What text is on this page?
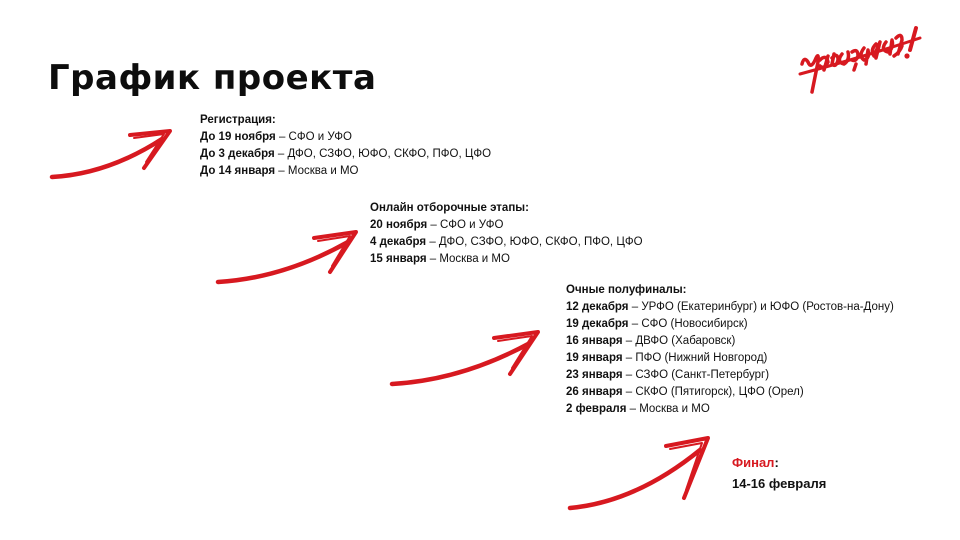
График проекта
управляй!
Регистрация:
До 19 ноября – СФО и УФО
До 3 декабря – ДФО, СЗФО, ЮФО, СКФО, ПФО, ЦФО
До 14 января – Москва и МО
Онлайн отборочные этапы:
20 ноября – СФО и УФО
4 декабря – ДФО, СЗФО, ЮФО, СКФО, ПФО, ЦФО
15 января – Москва и МО
Очные полуфиналы:
12 декабря – УРФО (Екатеринбург) и ЮФО (Ростов-на-Дону)
19 декабря – СФО (Новосибирск)
16 января – ДВФО (Хабаровск)
19 января – ПФО (Нижний Новгород)
23 января – СЗФО (Санкт-Петербург)
26 января – СКФО (Пятигорск), ЦФО (Орел)
2 февраля – Москва и МО
Финал:
14-16 февраля
